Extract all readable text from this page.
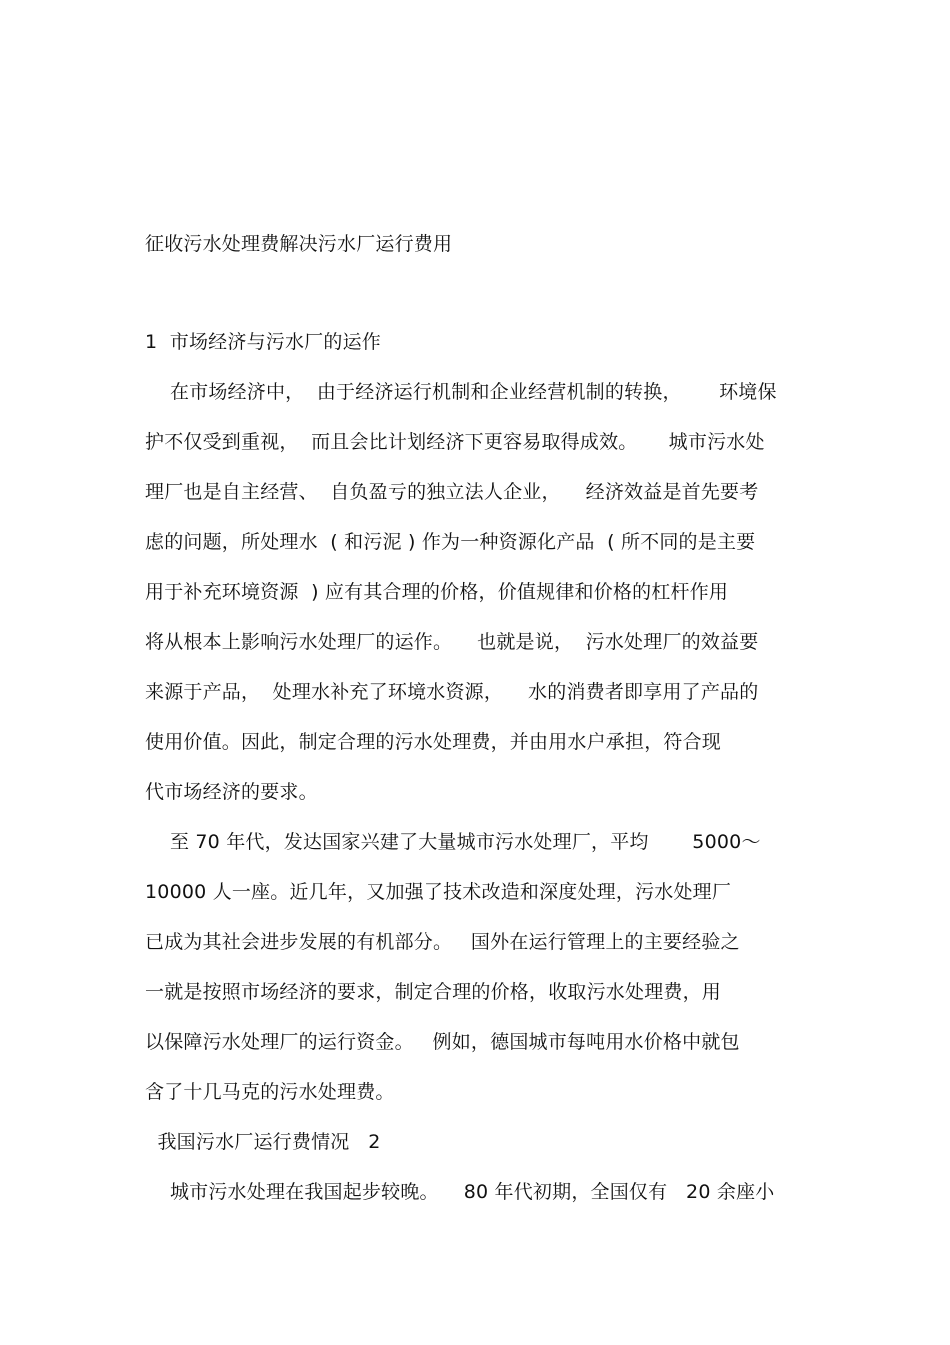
征收污水处理费解决污水厂运行费用
1  市场经济与污水厂的运作
在市场经济中，  由于经济运行机制和企业经营机制的转换，      环境保
护不仅受到重视，  而且会比计划经济下更容易取得成效。     城市污水处
理厂也是自主经营、  自负盈亏的独立法人企业，    经济效益是首先要考
虑的问题，所处理水  ( 和污泥 ) 作为一种资源化产品  ( 所不同的是主要
用于补充环境资源  ) 应有其合理的价格，价值规律和价格的杠杆作用
将从根本上影响污水处理厂的运作。    也就是说，  污水处理厂的效益要
来源于产品，  处理水补充了环境水资源，    水的消费者即享用了产品的
使用价值。因此，制定合理的污水处理费，并由用水户承担，符合现
代市场经济的要求。
至 70 年代，发达国家兴建了大量城市污水处理厂，平均       5000～
10000 人一座。近几年，又加强了技术改造和深度处理，污水处理厂
已成为其社会进步发展的有机部分。   国外在运行管理上的主要经验之
一就是按照市场经济的要求，制定合理的价格，收取污水处理费，用
以保障污水处理厂的运行资金。   例如，德国城市每吨用水价格中就包
含了十几马克的污水处理费。
我国污水厂运行费情况   2
城市污水处理在我国起步较晚。    80 年代初期，全国仅有   20 余座小
